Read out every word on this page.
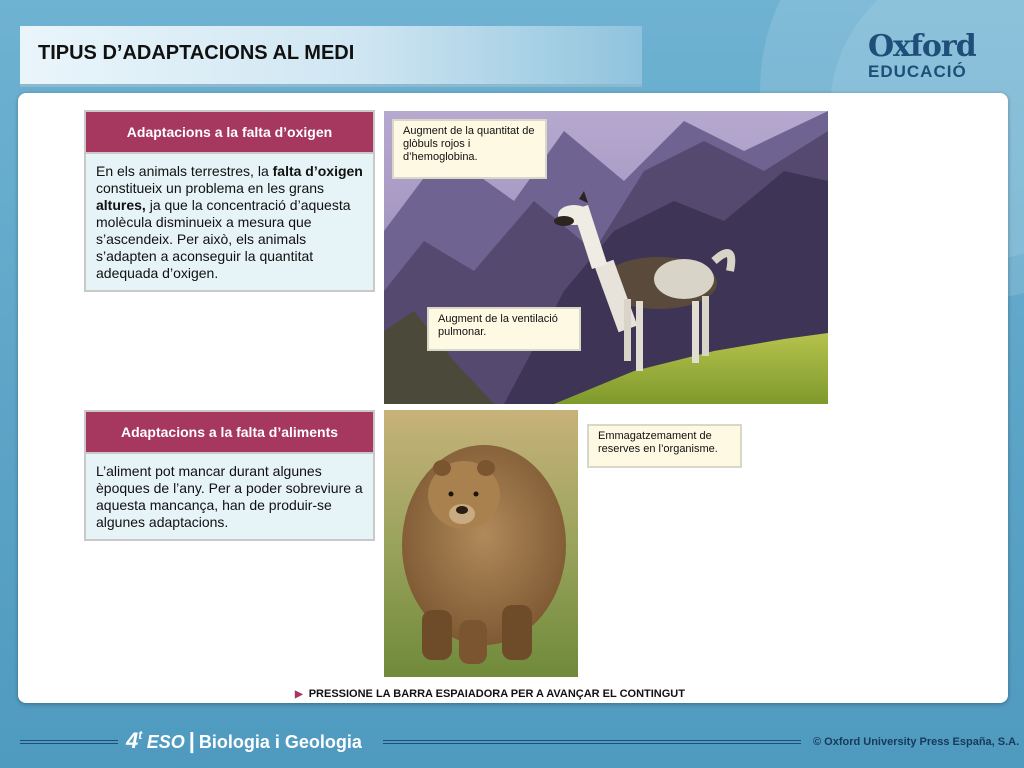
TIPUS D’ADAPTACIONS AL MEDI	Oxford
EDUCACIÓ
Adaptacions a la falta d’oxigen
En els animals terrestres, la falta d’oxigen constitueix un problema en les grans altures, ja que la concentració d’aquesta molècula disminueix a mesura que s’ascendeix. Per això, els animals s’adapten a aconseguir la quantitat adequada d’oxigen.
Augment de la quantitat de glòbuls rojos i d’hemoglobina.
Augment de la ventilació pulmonar.
Adaptacions a la falta d’aliments
L’aliment pot mancar durant algunes èpoques de l’any. Per a poder sobreviure a aquesta mancança, han de produir-se algunes adaptacions.
Emmagatzemament de reserves en l’organisme.
▶ PRESSIONE LA BARRA ESPAIADORA PER A AVANÇAR EL CONTINGUT
4$^t$ ESO | Biologia i Geologia	© Oxford University Press España, S.A.
